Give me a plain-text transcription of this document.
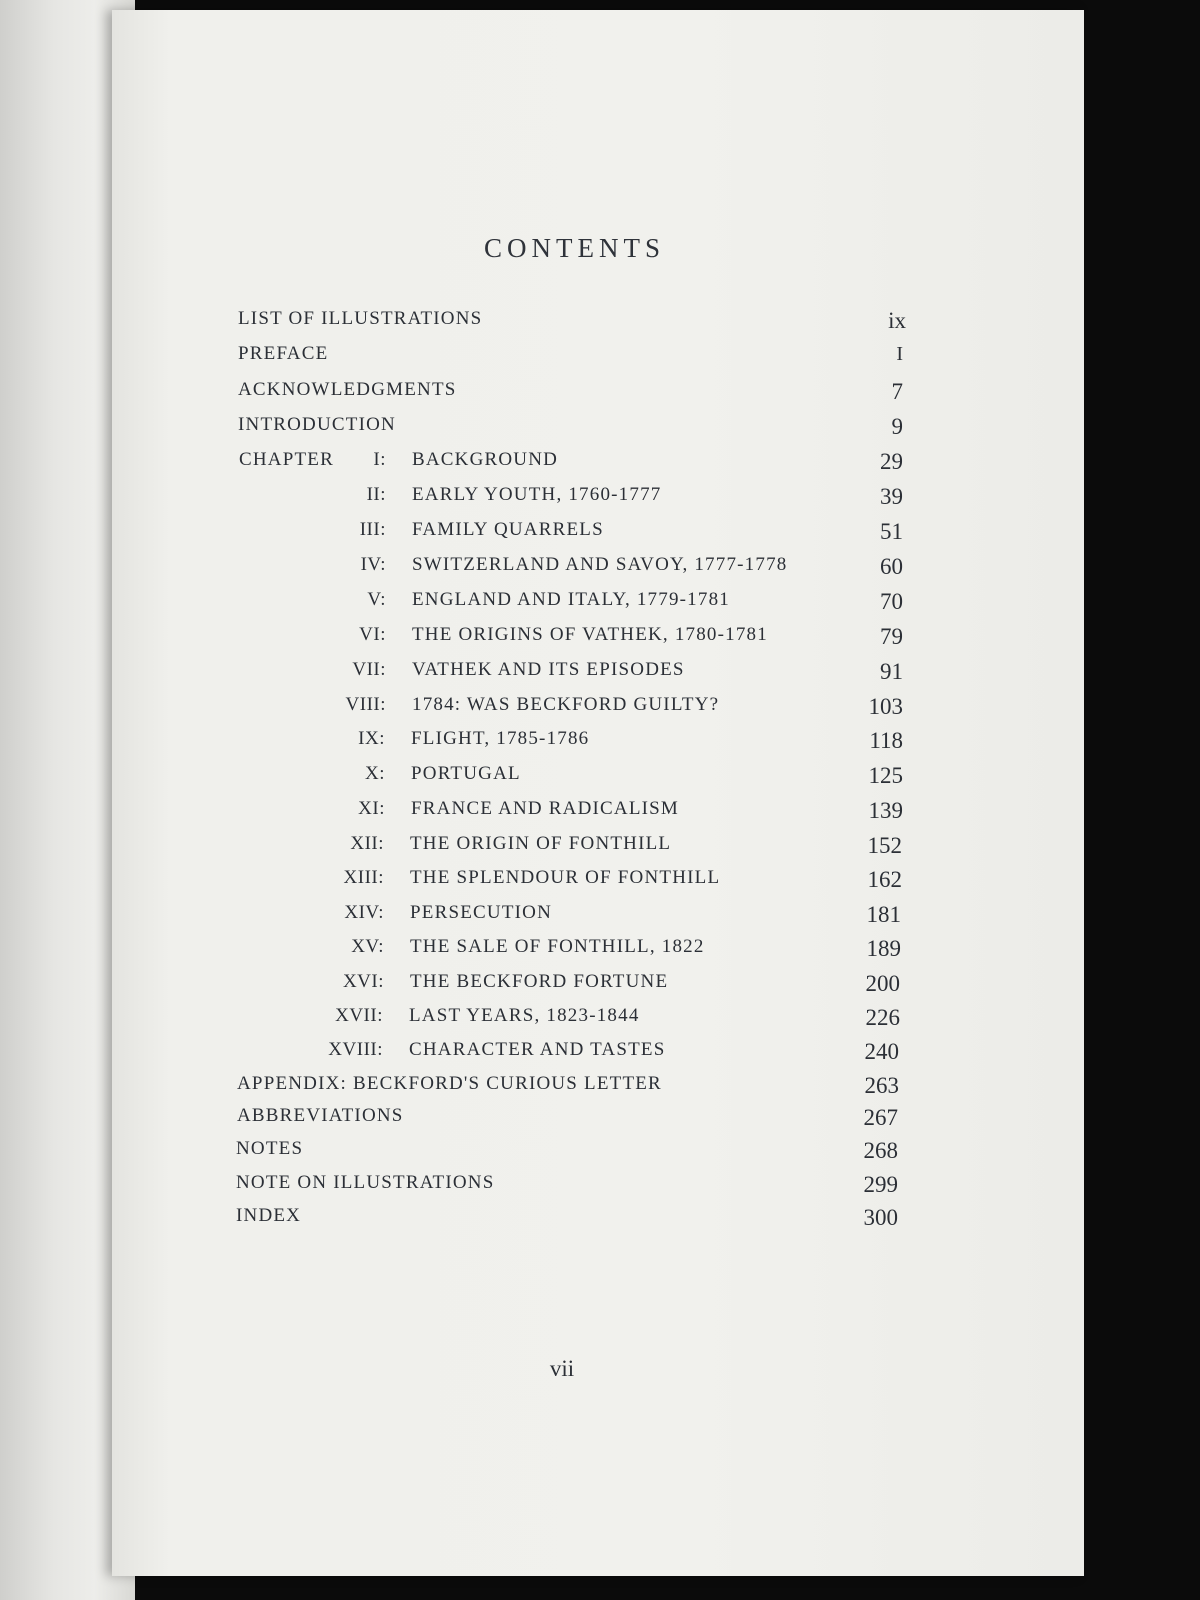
CONTENTS
LIST OF ILLUSTRATIONS	ix
PREFACE	I
ACKNOWLEDGMENTS	7
INTRODUCTION	9
CHAPTER	I: BACKGROUND	29
II: EARLY YOUTH, 1760-1777	39
III: FAMILY QUARRELS	51
IV: SWITZERLAND AND SAVOY, 1777-1778	60
V: ENGLAND AND ITALY, 1779-1781	70
VI: THE ORIGINS OF VATHEK, 1780-1781	79
VII: VATHEK AND ITS EPISODES	91
VIII: 1784: WAS BECKFORD GUILTY?	103
IX: FLIGHT, 1785-1786	118
X: PORTUGAL	125
XI: FRANCE AND RADICALISM	139
XII: THE ORIGIN OF FONTHILL	152
XIII: THE SPLENDOUR OF FONTHILL	162
XIV: PERSECUTION	181
XV: THE SALE OF FONTHILL, 1822	189
XVI: THE BECKFORD FORTUNE	200
XVII: LAST YEARS, 1823-1844	226
XVIII: CHARACTER AND TASTES	240
APPENDIX: BECKFORD'S CURIOUS LETTER	263
ABBREVIATIONS	267
NOTES	268
NOTE ON ILLUSTRATIONS	299
INDEX	300
vii
